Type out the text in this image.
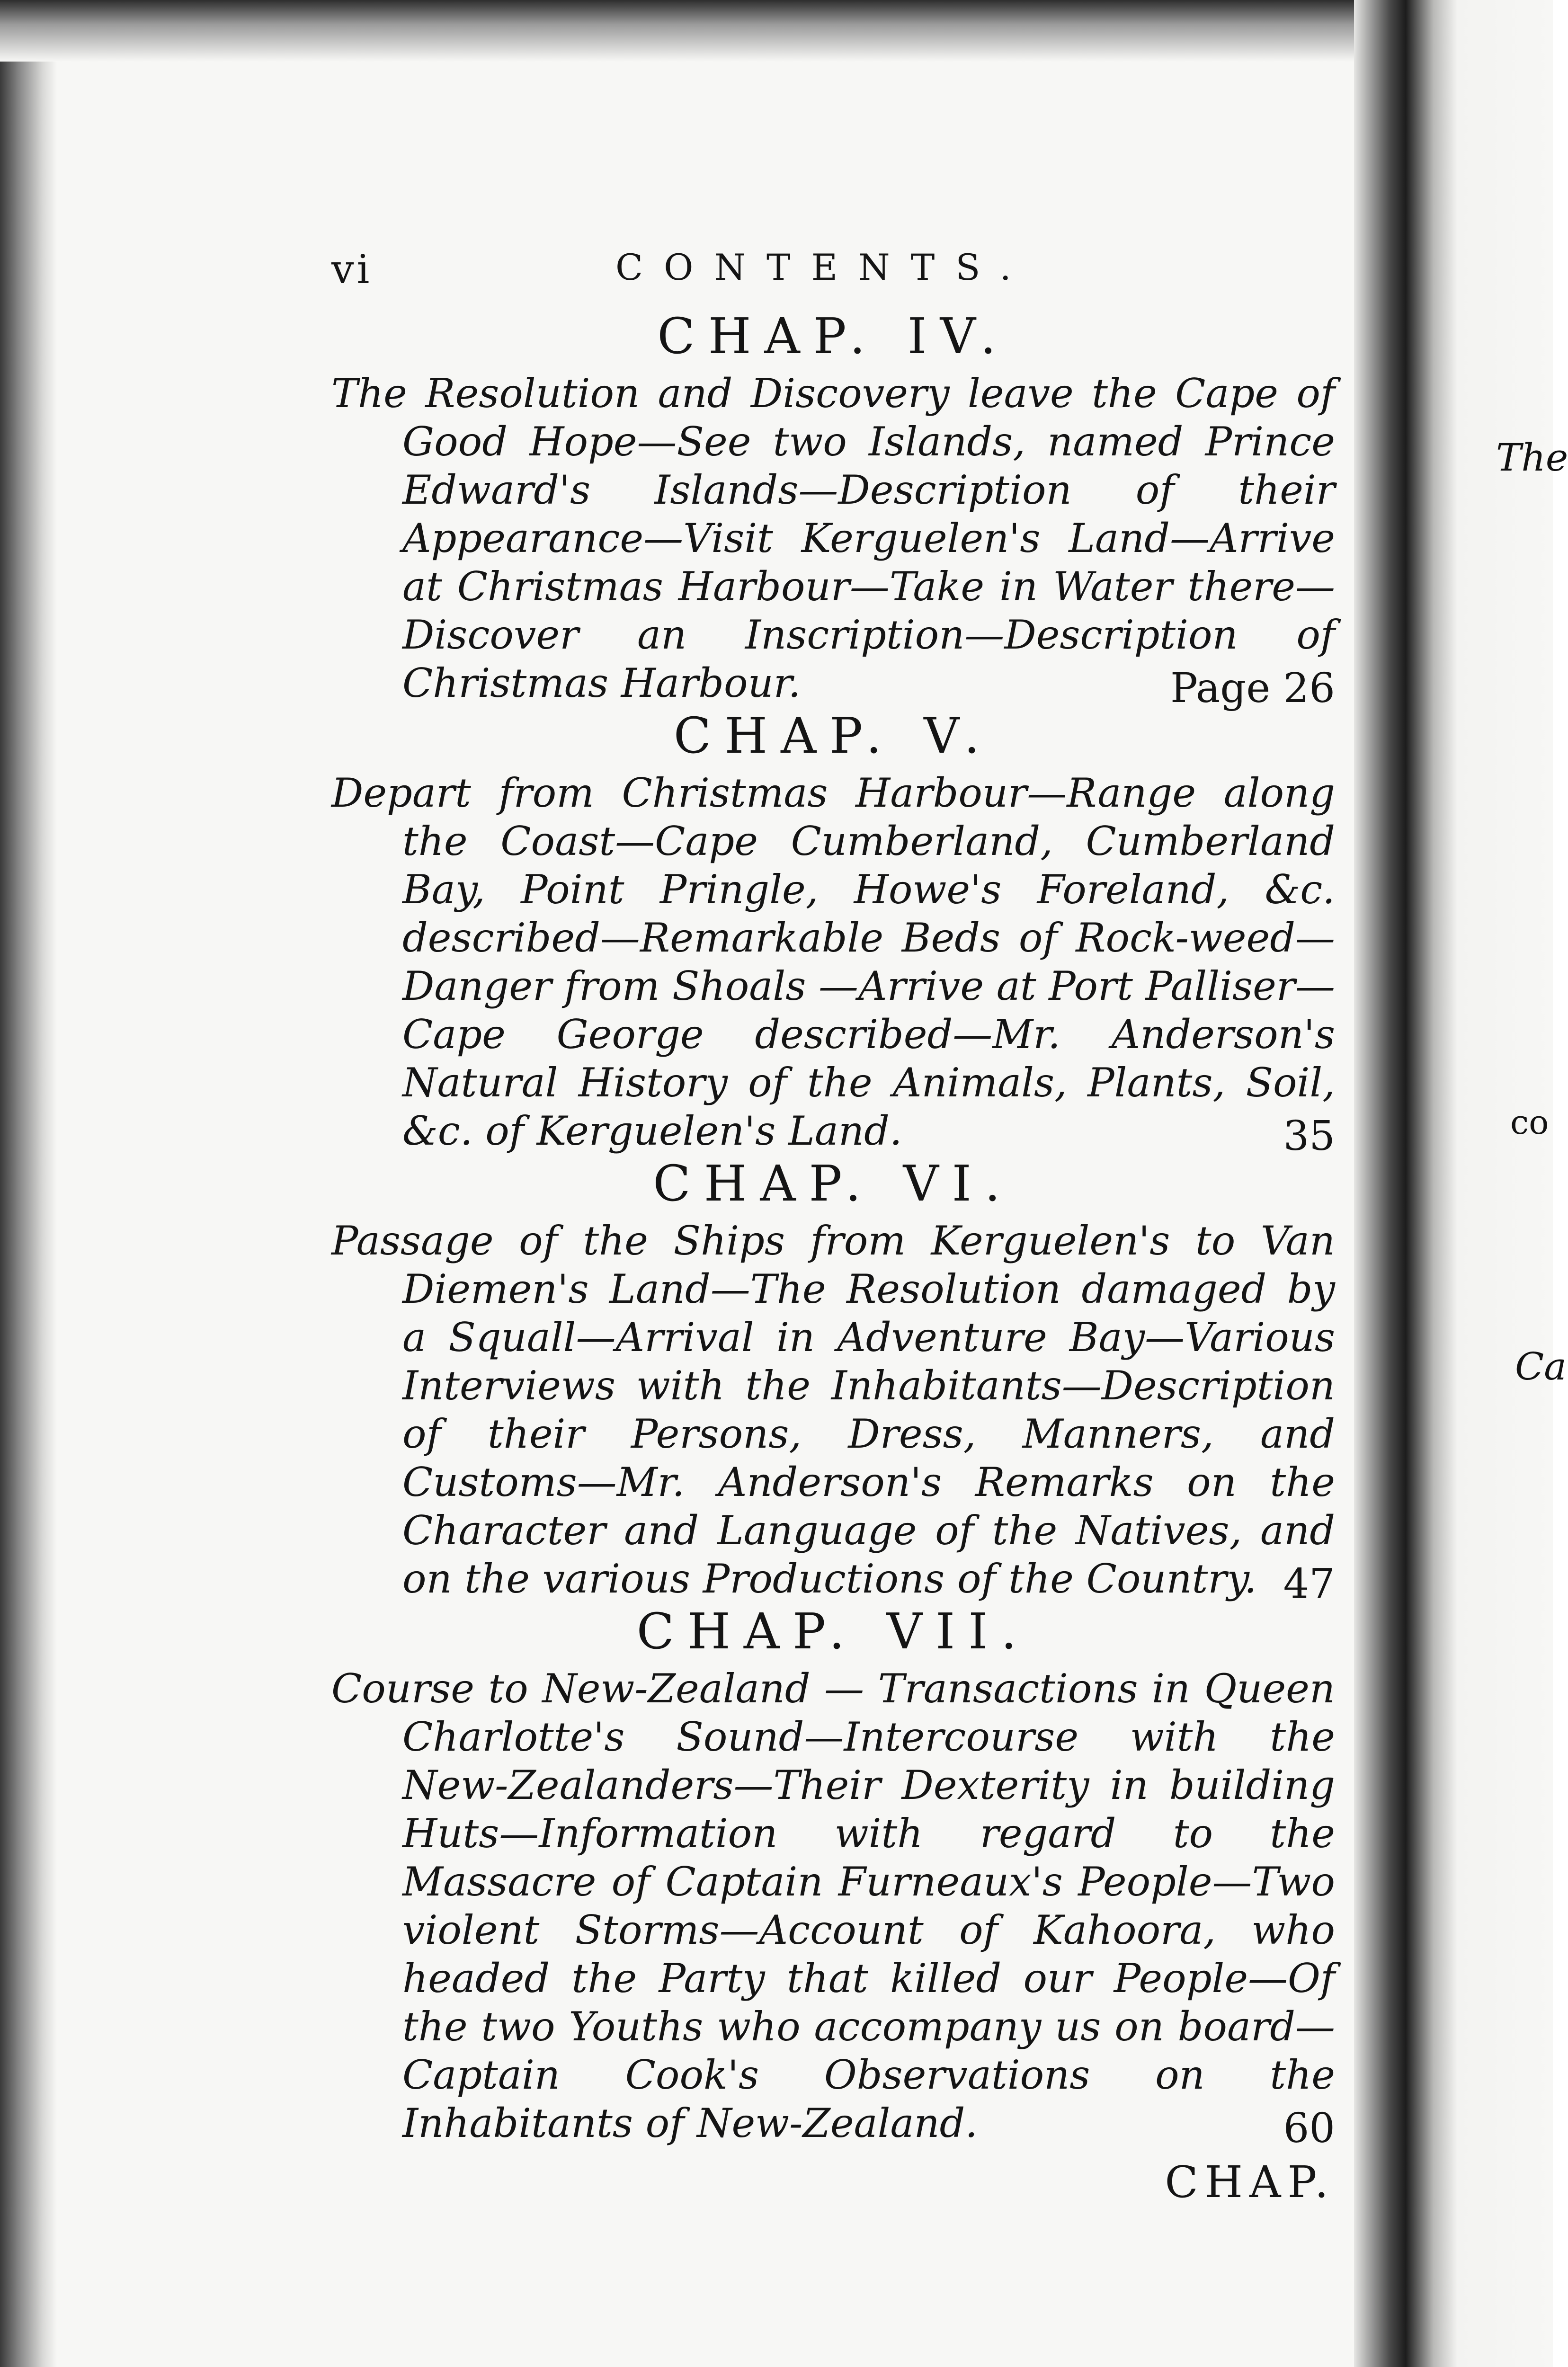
The
co
Ca
vi	CONTENTS.
CHAP. IV.
The Resolution and Discovery leave the Cape of Good Hope—See two Islands, named Prince Edward's Islands—Description of their Appearance—Visit Kerguelen's Land—Arrive at Christmas Harbour—Take in Water there—Discover an Inscription—Description of Christmas Harbour.	Page 26
CHAP. V.
Depart from Christmas Harbour—Range along the Coast—Cape Cumberland, Cumberland Bay, Point Pringle, Howe's Foreland, &c. described—Remarkable Beds of Rock-weed—Danger from Shoals —Arrive at Port Palliser—Cape George described—Mr. Anderson's Natural History of the Animals, Plants, Soil, &c. of Kerguelen's Land.	35
CHAP. VI.
Passage of the Ships from Kerguelen's to Van Diemen's Land—The Resolution damaged by a Squall—Arrival in Adventure Bay—Various Interviews with the Inhabitants—Description of their Persons, Dress, Manners, and Customs—Mr. Anderson's Remarks on the Character and Language of the Natives, and on the various Productions of the Country. 47
CHAP. VII.
Course to New-Zealand — Transactions in Queen Charlotte's Sound—Intercourse with the New-Zealanders—Their Dexterity in building Huts—Information with regard to the Massacre of Captain Furneaux's People—Two violent Storms—Account of Kahoora, who headed the Party that killed our People—Of the two Youths who accompany us on board—Captain Cook's Observations on the Inhabitants of New-Zealand.	60
CHAP.
